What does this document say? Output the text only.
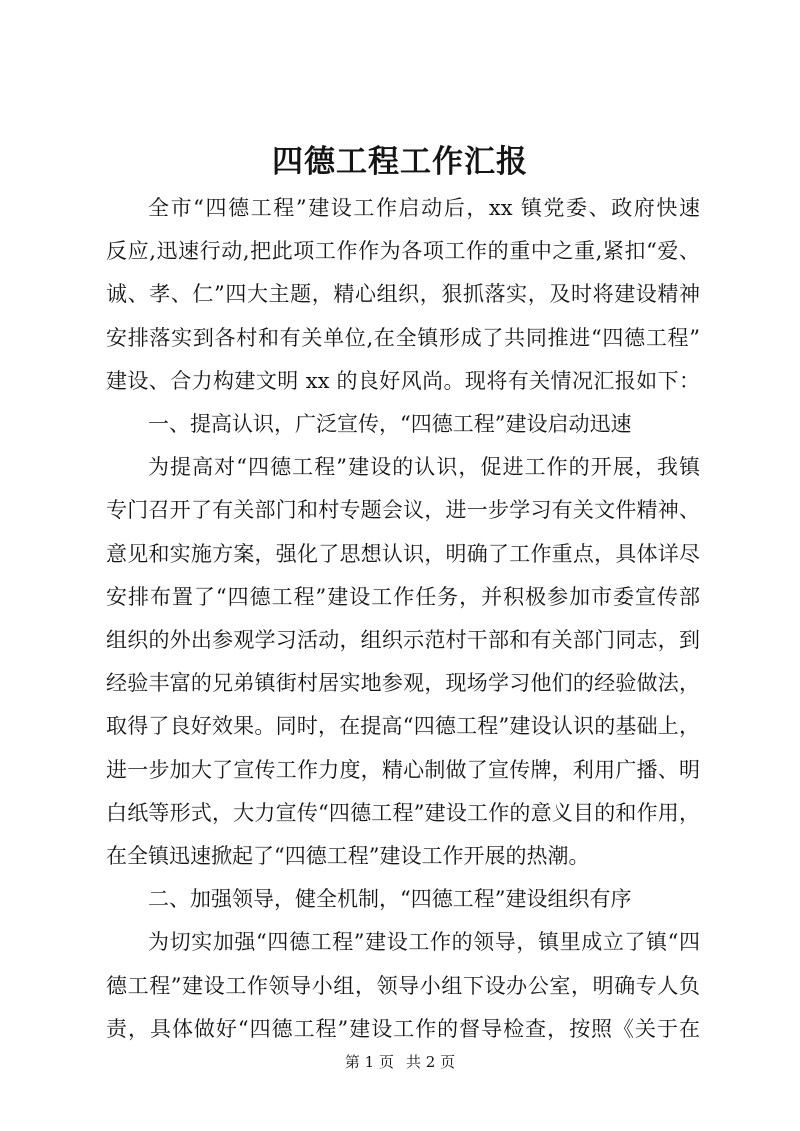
四德工程工作汇报

全市“四德工程”建设工作启动后，xx 镇党委、政府快速

反应,迅速行动,把此项工作作为各项工作的重中之重,紧扣“爱、

诚、孝、仁”四大主题，精心组织，狠抓落实，及时将建设精神

安排落实到各村和有关单位,在全镇形成了共同推进“四德工程”

建设、合力构建文明 xx 的良好风尚。现将有关情况汇报如下：

一、提高认识，广泛宣传，“四德工程”建设启动迅速

为提高对“四德工程”建设的认识，促进工作的开展，我镇

专门召开了有关部门和村专题会议，进一步学习有关文件精神、

意见和实施方案，强化了思想认识，明确了工作重点，具体详尽

安排布置了“四德工程”建设工作任务，并积极参加市委宣传部

组织的外出参观学习活动，组织示范村干部和有关部门同志，到

经验丰富的兄弟镇街村居实地参观，现场学习他们的经验做法，

取得了良好效果。同时，在提高“四德工程”建设认识的基础上，

进一步加大了宣传工作力度，精心制做了宣传牌，利用广播、明

白纸等形式，大力宣传“四德工程”建设工作的意义目的和作用，

在全镇迅速掀起了“四德工程”建设工作开展的热潮。

二、加强领导，健全机制，“四德工程”建设组织有序

为切实加强“四德工程”建设工作的领导，镇里成立了镇“四

德工程”建设工作领导小组，领导小组下设办公室，明确专人负

责，具体做好“四德工程”建设工作的督导检查，按照《关于在

第 1 页 共 2 页
